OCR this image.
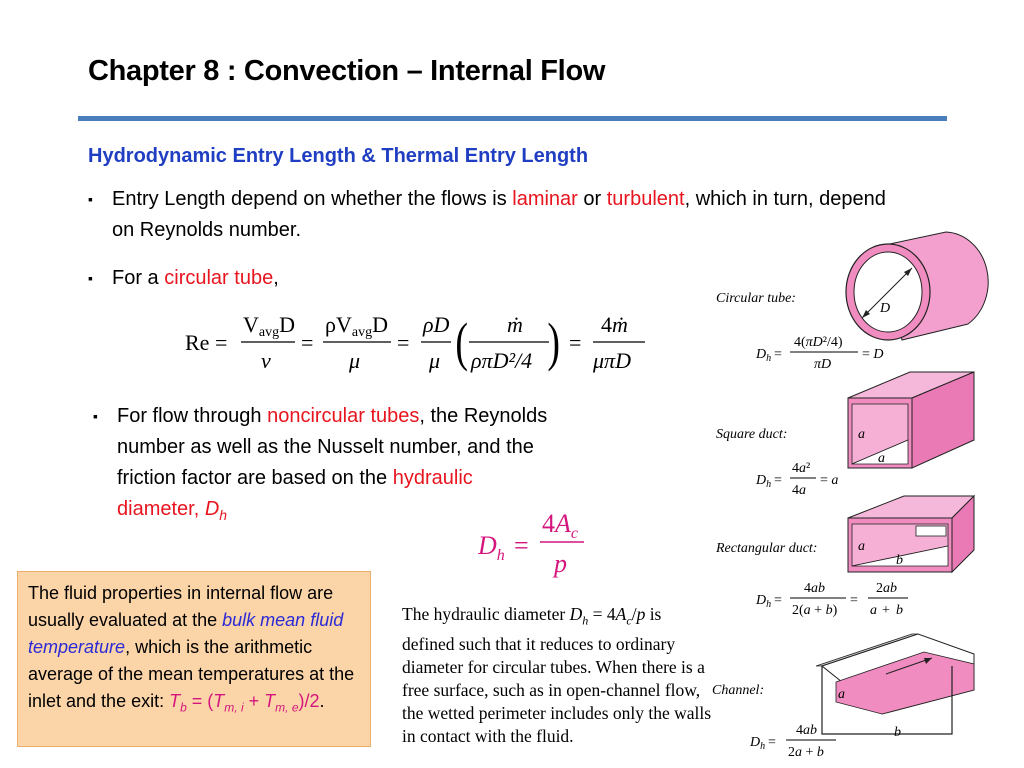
Chapter 8 : Convection – Internal Flow
Hydrodynamic Entry Length & Thermal Entry Length
▪ Entry Length depend on whether the flows is laminar or turbulent, which in turn, depend on Reynolds number.
▪ For a circular tube,
Re =
VavgD
ν
=
ρVavgD
μ
=
ρD
μ ( ṁ
ρπD²/4 ) =
4ṁ
μπD
▪ For flow through noncircular tubes, the Reynolds number as well as the Nusselt number, and the friction factor are based on the hydraulic diameter, $D_h$
$D_h$ =
$4A_c$
p
The fluid properties in internal flow are usually evaluated at the bulk mean fluid temperature, which is the arithmetic average of the mean temperatures at the inlet and the exit: $T_b = (T_{m, i} + T_{m, e})/2$.
The hydraulic diameter $D_h = 4A_c/p$ is defined such that it reduces to ordinary diameter for circular tubes. When there is a free surface, such as in open-channel flow, the wetted perimeter includes only the walls in contact with the fluid.
D
Circular tube:
$D_h$ =
4(πD²/4)
πD
= D
a
a
Square duct:
$D_h$ =
4a²
4a
= a
a
b
Rectangular duct:
$D_h$ =
4ab
2(a + b)
=
2ab
a + b
Channel:	a
b
$D_h$ =
4ab
2a + b
